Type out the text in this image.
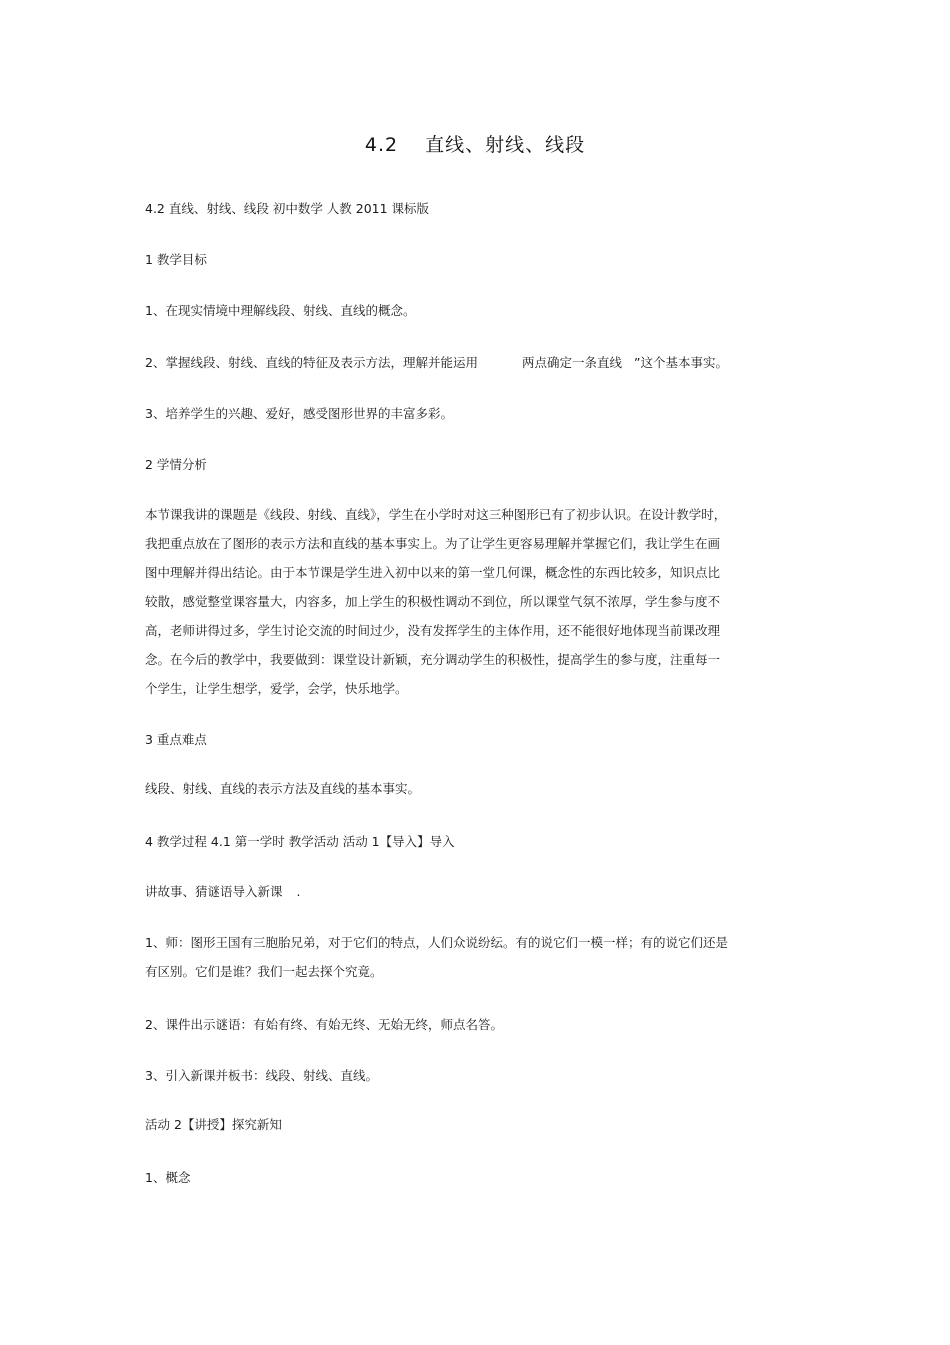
4.2　 直线、射线、线段
4.2 直线、射线、线段 初中数学 人教 2011 课标版
1 教学目标
1、在现实情境中理解线段、射线、直线的概念。
2、掌握线段、射线、直线的特征及表示方法，理解并能运用	两点确定一条直线 ”这个基本事实。
3、培养学生的兴趣、爱好，感受图形世界的丰富多彩。
2 学情分析
本节课我讲的课题是《线段、射线、直线》，学生在小学时对这三种图形已有了初步认识。在设计教学时，
我把重点放在了图形的表示方法和直线的基本事实上。为了让学生更容易理解并掌握它们，我让学生在画
图中理解并得出结论。由于本节课是学生进入初中以来的第一堂几何课，概念性的东西比较多，知识点比
较散，感觉整堂课容量大，内容多，加上学生的积极性调动不到位，所以课堂气氛不浓厚，学生参与度不
高，老师讲得过多，学生讨论交流的时间过少，没有发挥学生的主体作用，还不能很好地体现当前课改理
念。在今后的教学中，我要做到：课堂设计新颖，充分调动学生的积极性，提高学生的参与度，注重每一
个学生，让学生想学，爱学，会学，快乐地学。
3 重点难点
线段、射线、直线的表示方法及直线的基本事实。
4 教学过程 4.1 第一学时 教学活动 活动 1【导入】导入
讲故事、猜谜语导入新课 .
1、师：图形王国有三胞胎兄弟，对于它们的特点，人们众说纷纭。有的说它们一模一样；有的说它们还是
有区别。它们是谁？我们一起去探个究竟。
2、课件出示谜语：有始有终、有始无终、无始无终，师点名答。
3、引入新课并板书：线段、射线、直线。
活动 2【讲授】探究新知
1、概念
